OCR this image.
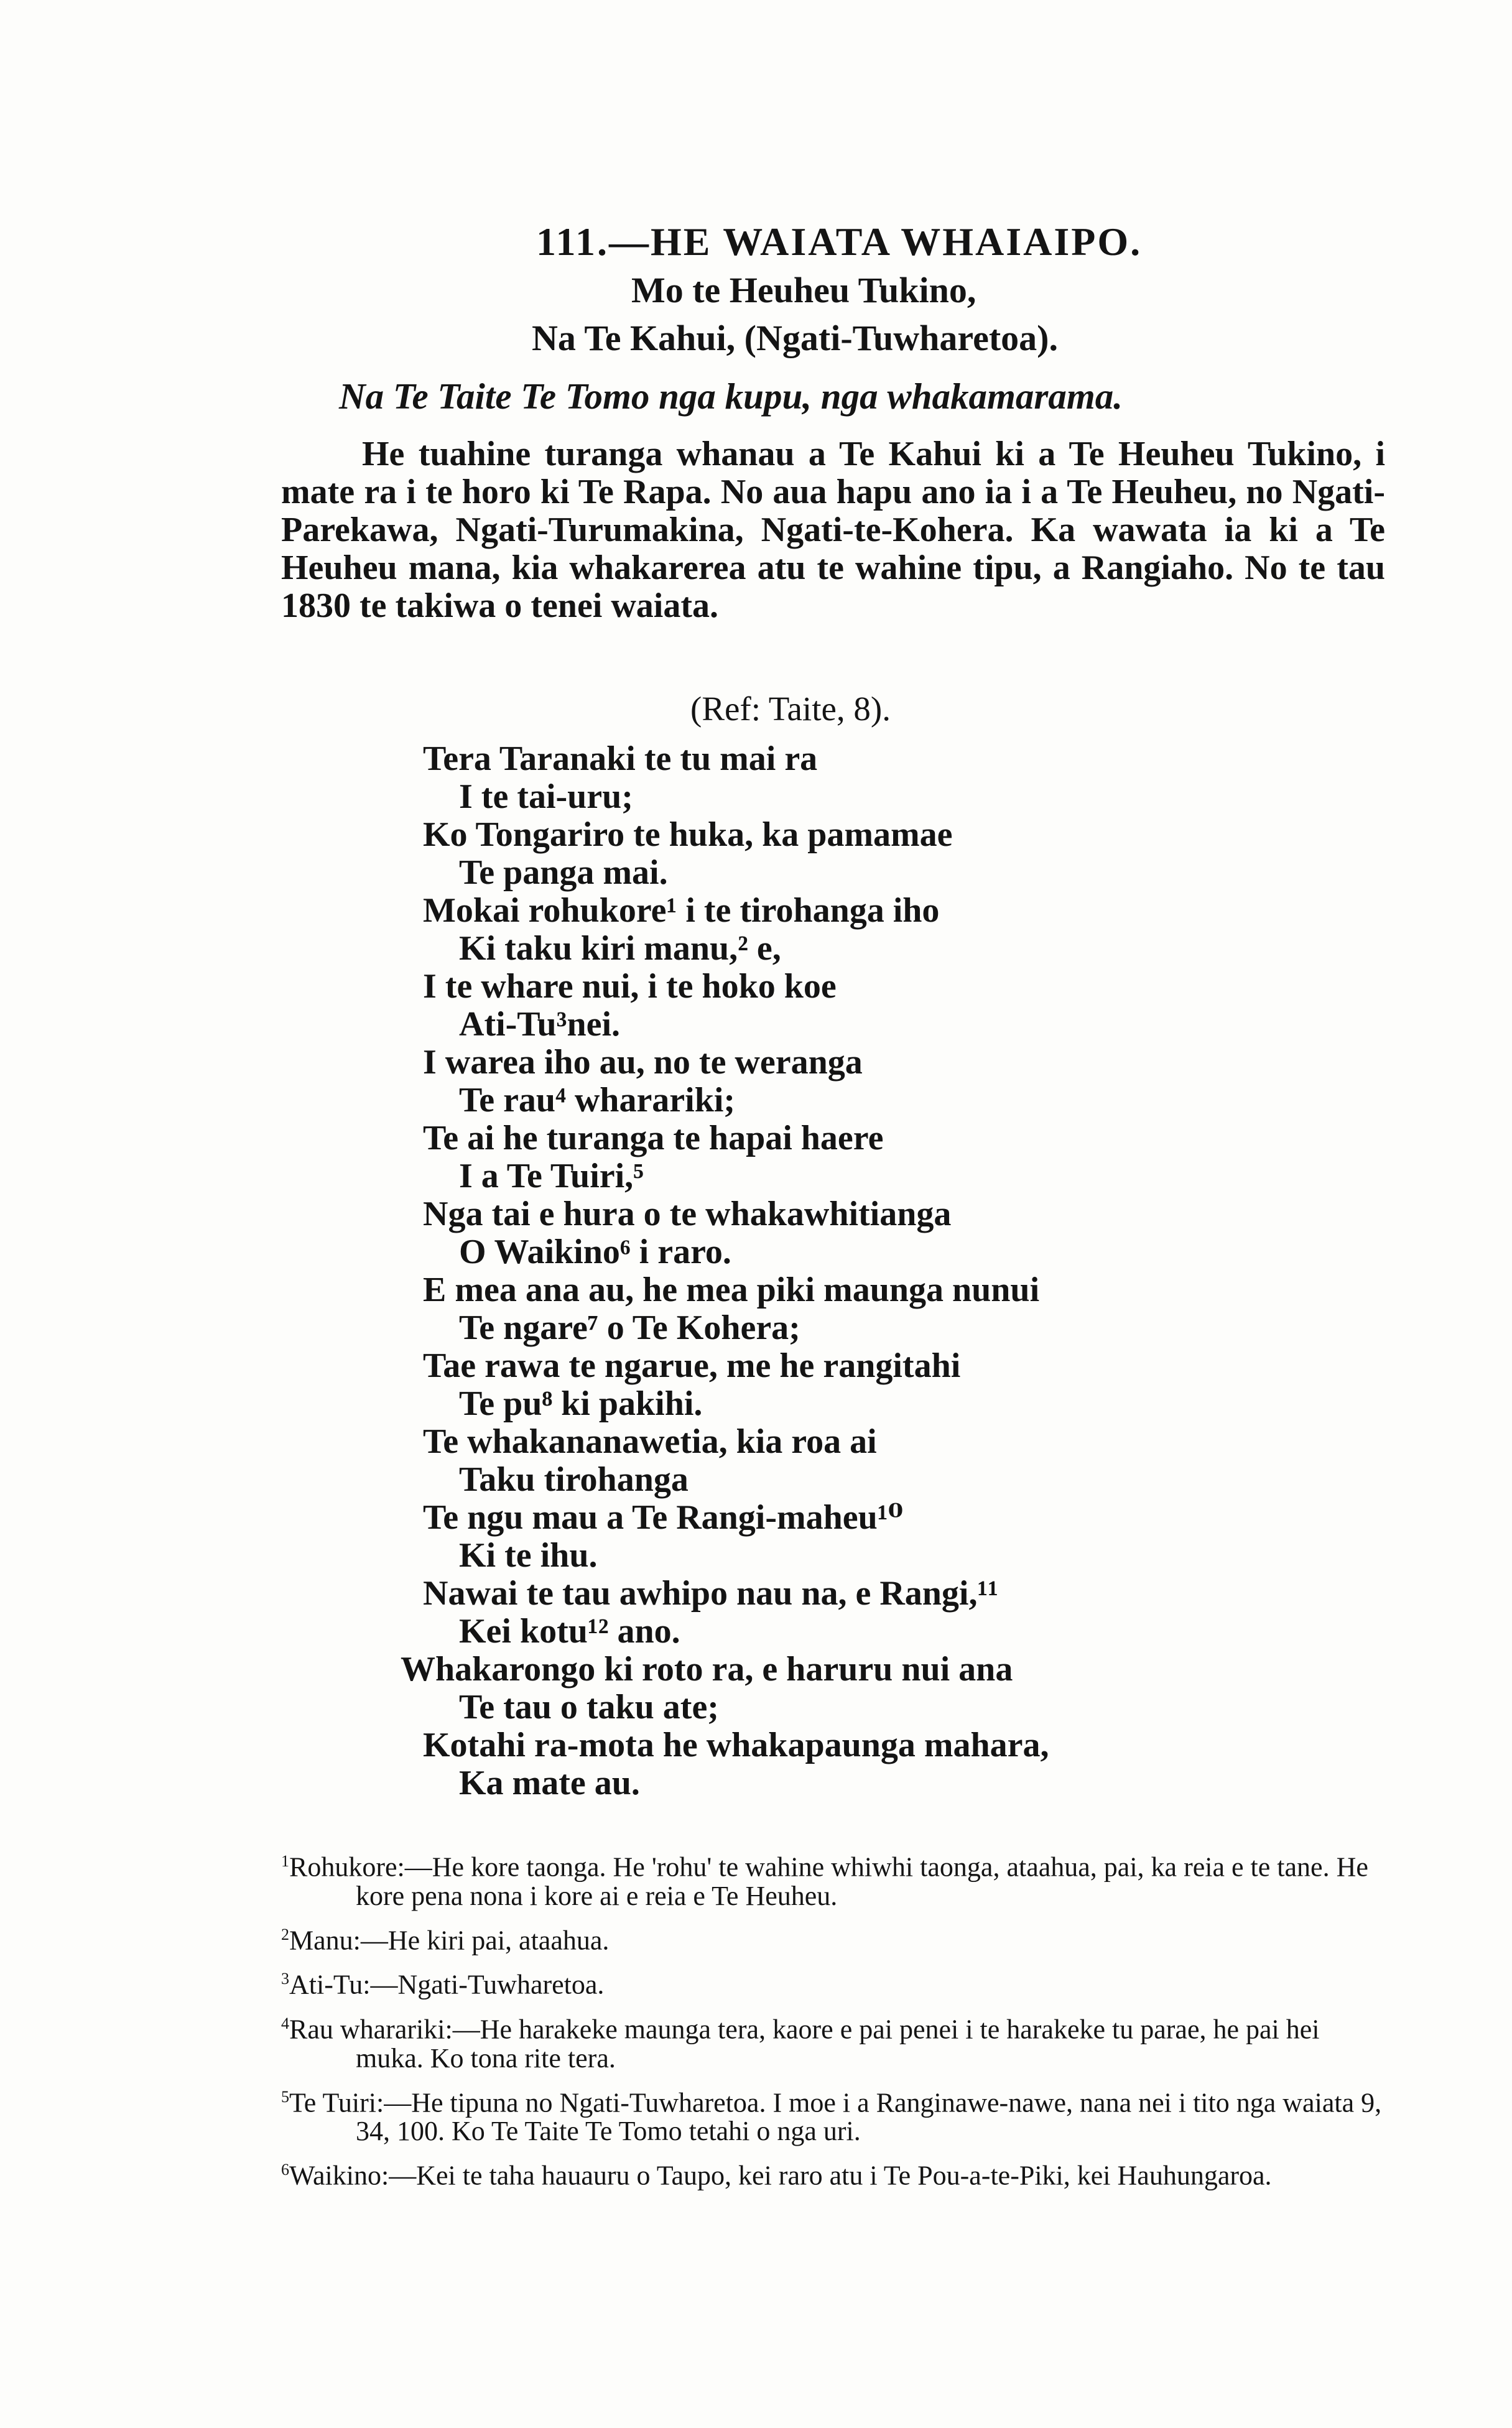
111.—HE WAIATA WHAIAIPO.
Mo te Heuheu Tukino,
Na Te Kahui, (Ngati-Tuwharetoa).
Na Te Taite Te Tomo nga kupu, nga whakamarama.
He tuahine turanga whanau a Te Kahui ki a Te Heuheu Tukino, i mate ra i te horo ki Te Rapa. No aua hapu ano ia i a Te Heuheu, no Ngati-Parekawa, Ngati-Turumakina, Ngati-te-Kohera. Ka wawata ia ki a Te Heuheu mana, kia whakarerea atu te wahine tipu, a Rangiaho. No te tau 1830 te takiwa o tenei waiata.
(Ref: Taite, 8).
Tera Taranaki te tu mai ra
I te tai-uru;
Ko Tongariro te huka, ka pamamae
Te panga mai.
Mokai rohukore¹ i te tirohanga iho
Ki taku kiri manu,² e,
I te whare nui, i te hoko koe
Ati-Tu³nei.
I warea iho au, no te weranga
Te rau⁴ wharariki;
Te ai he turanga te hapai haere
I a Te Tuiri,⁵
Nga tai e hura o te whakawhitianga
O Waikino⁶ i raro.
E mea ana au, he mea piki maunga nunui
Te ngare⁷ o Te Kohera;
Tae rawa te ngarue, me he rangitahi
Te pu⁸ ki pakihi.
Te whakananawetia, kia roa ai
Taku tirohanga
Te ngu mau a Te Rangi-maheu¹⁰
Ki te ihu.
Nawai te tau awhipo nau na, e Rangi,¹¹
Kei kotu¹² ano.
Whakarongo ki roto ra, e haruru nui ana
Te tau o taku ate;
Kotahi ra-mota he whakapaunga mahara,
Ka mate au.
$^1$Rohukore:—He kore taonga. He 'rohu' te wahine whiwhi taonga, ataahua, pai, ka reia e te tane. He kore pena nona i kore ai e reia e Te Heuheu.
$^2$Manu:—He kiri pai, ataahua.
$^3$Ati-Tu:—Ngati-Tuwharetoa.
$^4$Rau wharariki:—He harakeke maunga tera, kaore e pai penei i te harakeke tu parae, he pai hei muka. Ko tona rite tera.
$^5$Te Tuiri:—He tipuna no Ngati-Tuwharetoa. I moe i a Ranginawe-nawe, nana nei i tito nga waiata 9, 34, 100. Ko Te Taite Te Tomo tetahi o nga uri.
$^6$Waikino:—Kei te taha hauauru o Taupo, kei raro atu i Te Pou-a-te-Piki, kei Hauhungaroa.
